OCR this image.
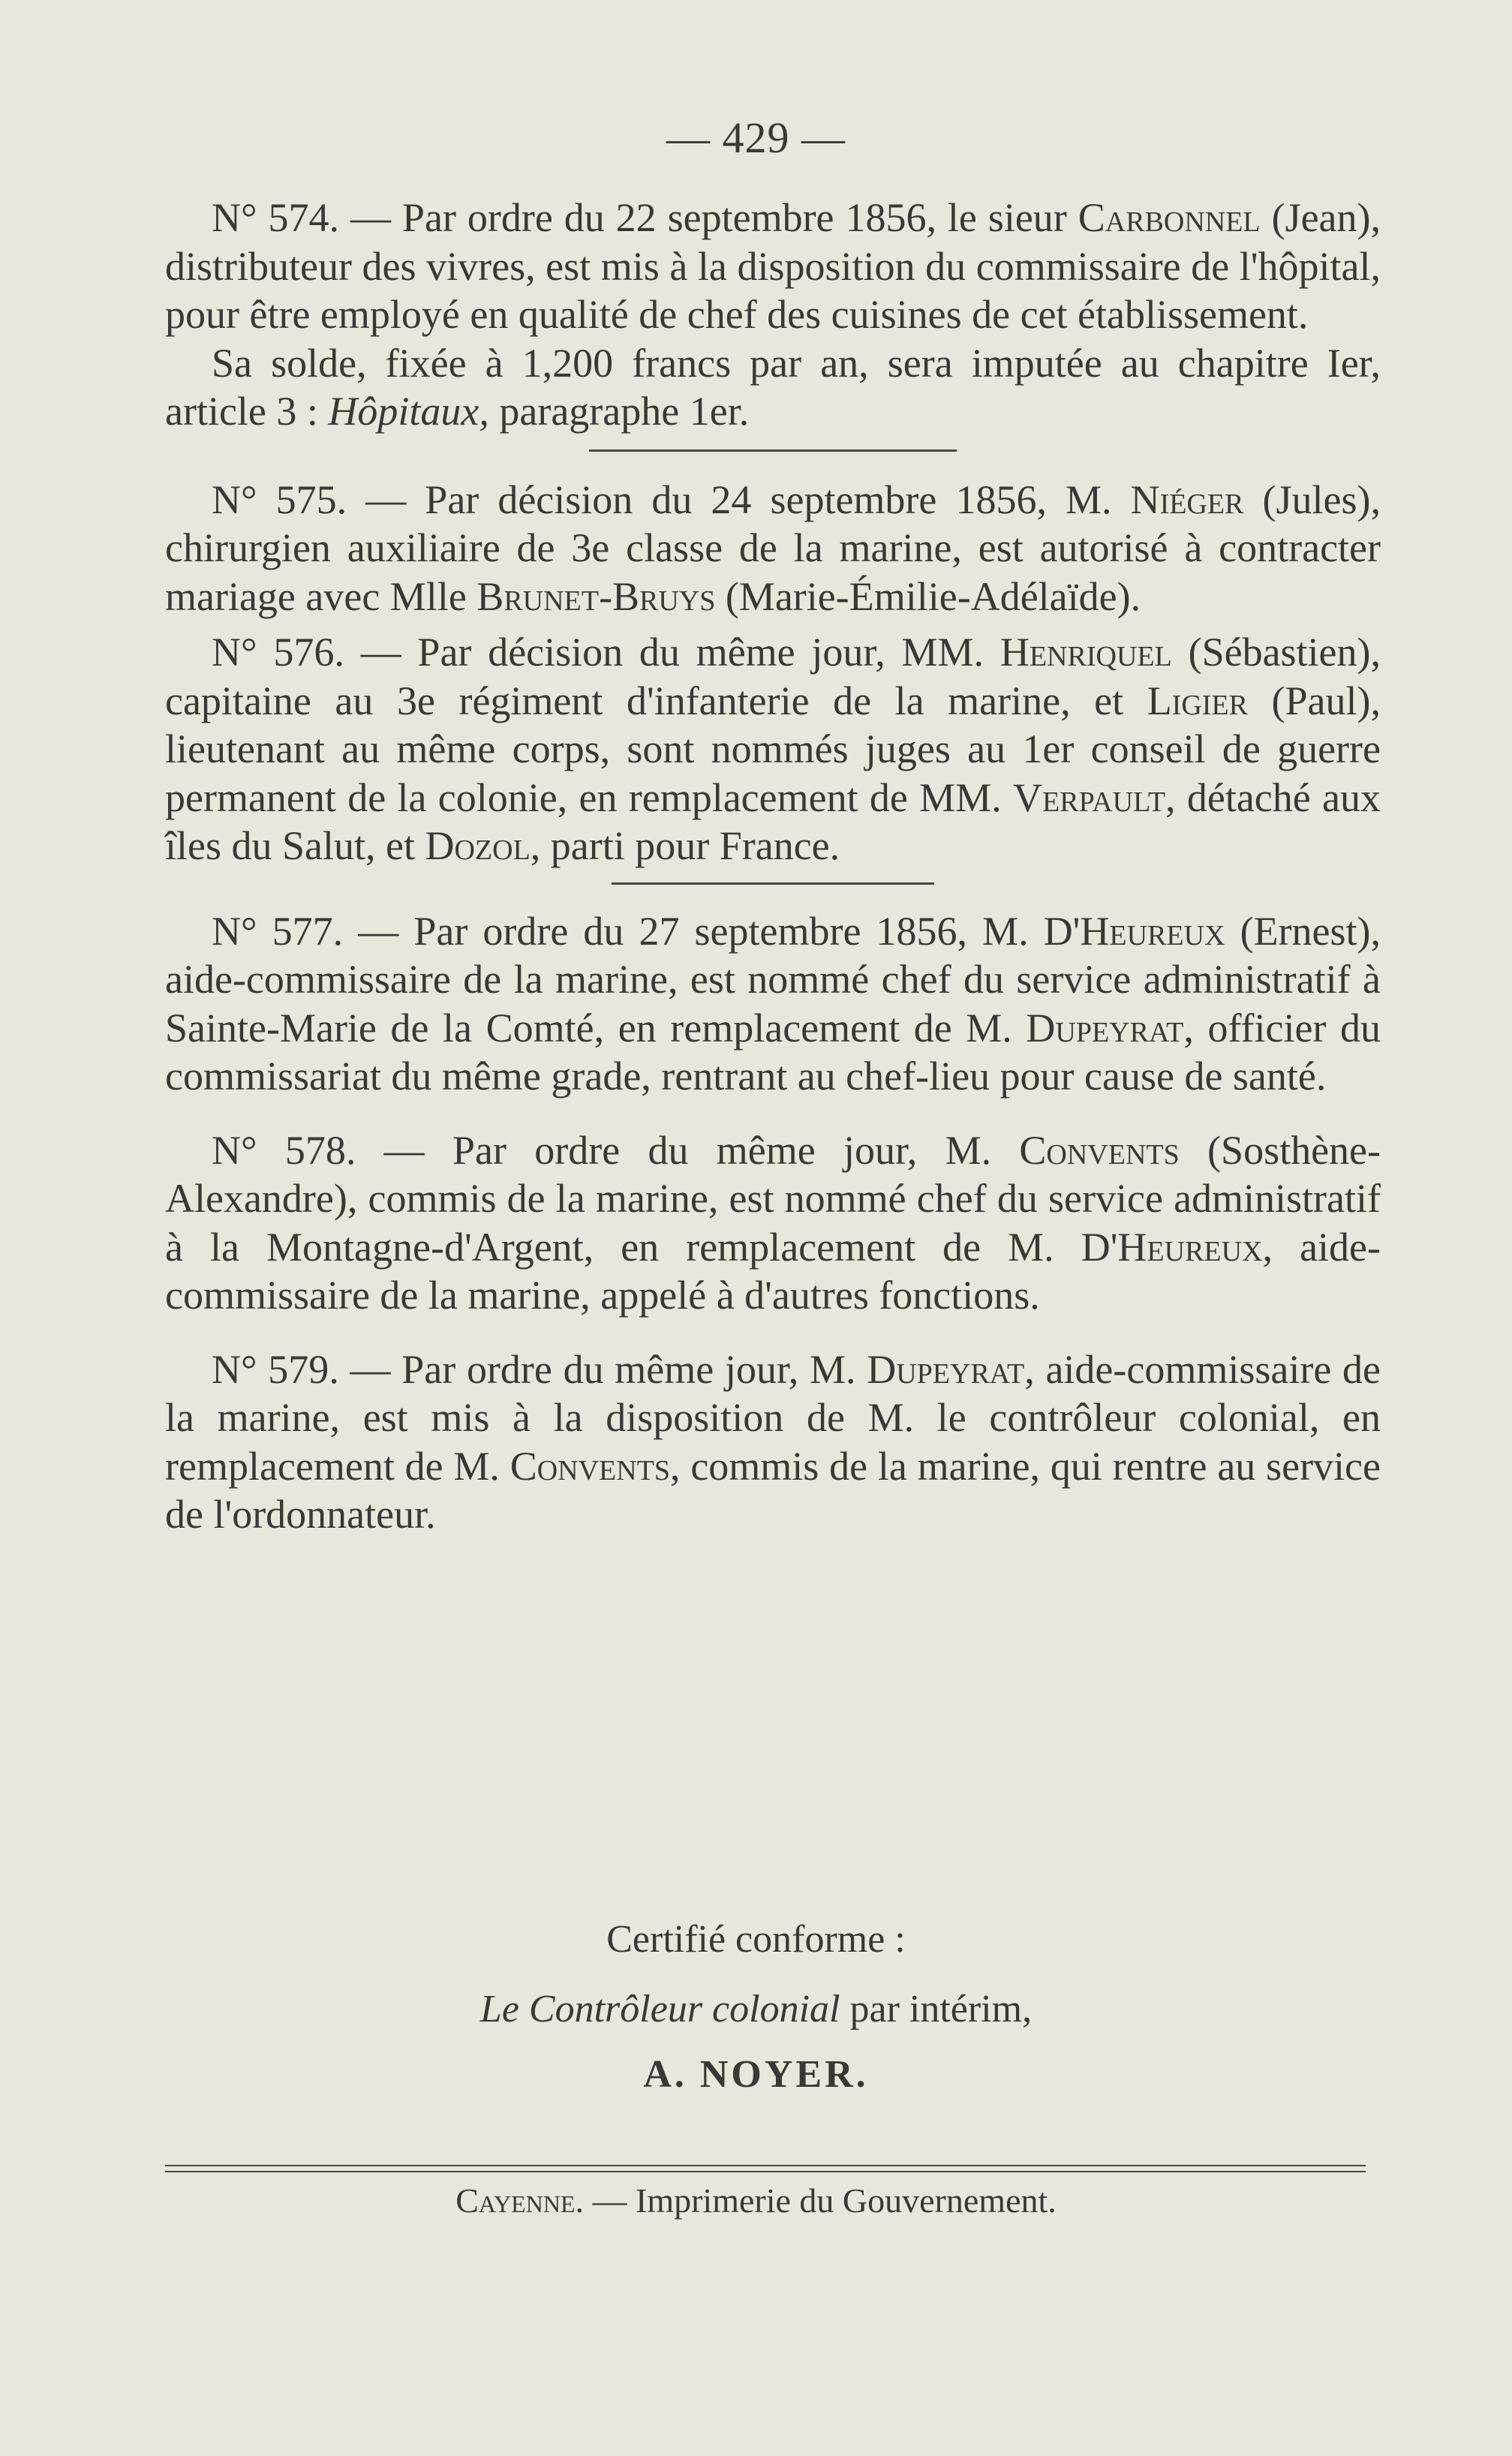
— 429 —

N° 574. — Par ordre du 22 septembre 1856, le sieur Carbonnel (Jean), distributeur des vivres, est mis à la disposition du commissaire de l'hôpital, pour être employé en qualité de chef des cuisines de cet établissement.

Sa solde, fixée à 1,200 francs par an, sera imputée au chapitre Ier, article 3 : Hôpitaux, paragraphe 1er.

N° 575. — Par décision du 24 septembre 1856, M. Niéger (Jules), chirurgien auxiliaire de 3e classe de la marine, est autorisé à contracter mariage avec Mlle Brunet-Bruys (Marie-Émilie-Adélaïde).

N° 576. — Par décision du même jour, MM. Henriquel (Sébastien), capitaine au 3e régiment d'infanterie de la marine, et Ligier (Paul), lieutenant au même corps, sont nommés juges au 1er conseil de guerre permanent de la colonie, en remplacement de MM. Verpault, détaché aux îles du Salut, et Dozol, parti pour France.

N° 577. — Par ordre du 27 septembre 1856, M. D'Heureux (Ernest), aide-commissaire de la marine, est nommé chef du service administratif à Sainte-Marie de la Comté, en remplacement de M. Dupeyrat, officier du commissariat du même grade, rentrant au chef-lieu pour cause de santé.

N° 578. — Par ordre du même jour, M. Convents (Sosthène-Alexandre), commis de la marine, est nommé chef du service administratif à la Montagne-d'Argent, en remplacement de M. D'Heureux, aide-commissaire de la marine, appelé à d'autres fonctions.

N° 579. — Par ordre du même jour, M. Dupeyrat, aide-commissaire de la marine, est mis à la disposition de M. le contrôleur colonial, en remplacement de M. Convents, commis de la marine, qui rentre au service de l'ordonnateur.

Certifié conforme :
Le Contrôleur colonial par intérim,
A. NOYER.
Cayenne. — Imprimerie du Gouvernement.
